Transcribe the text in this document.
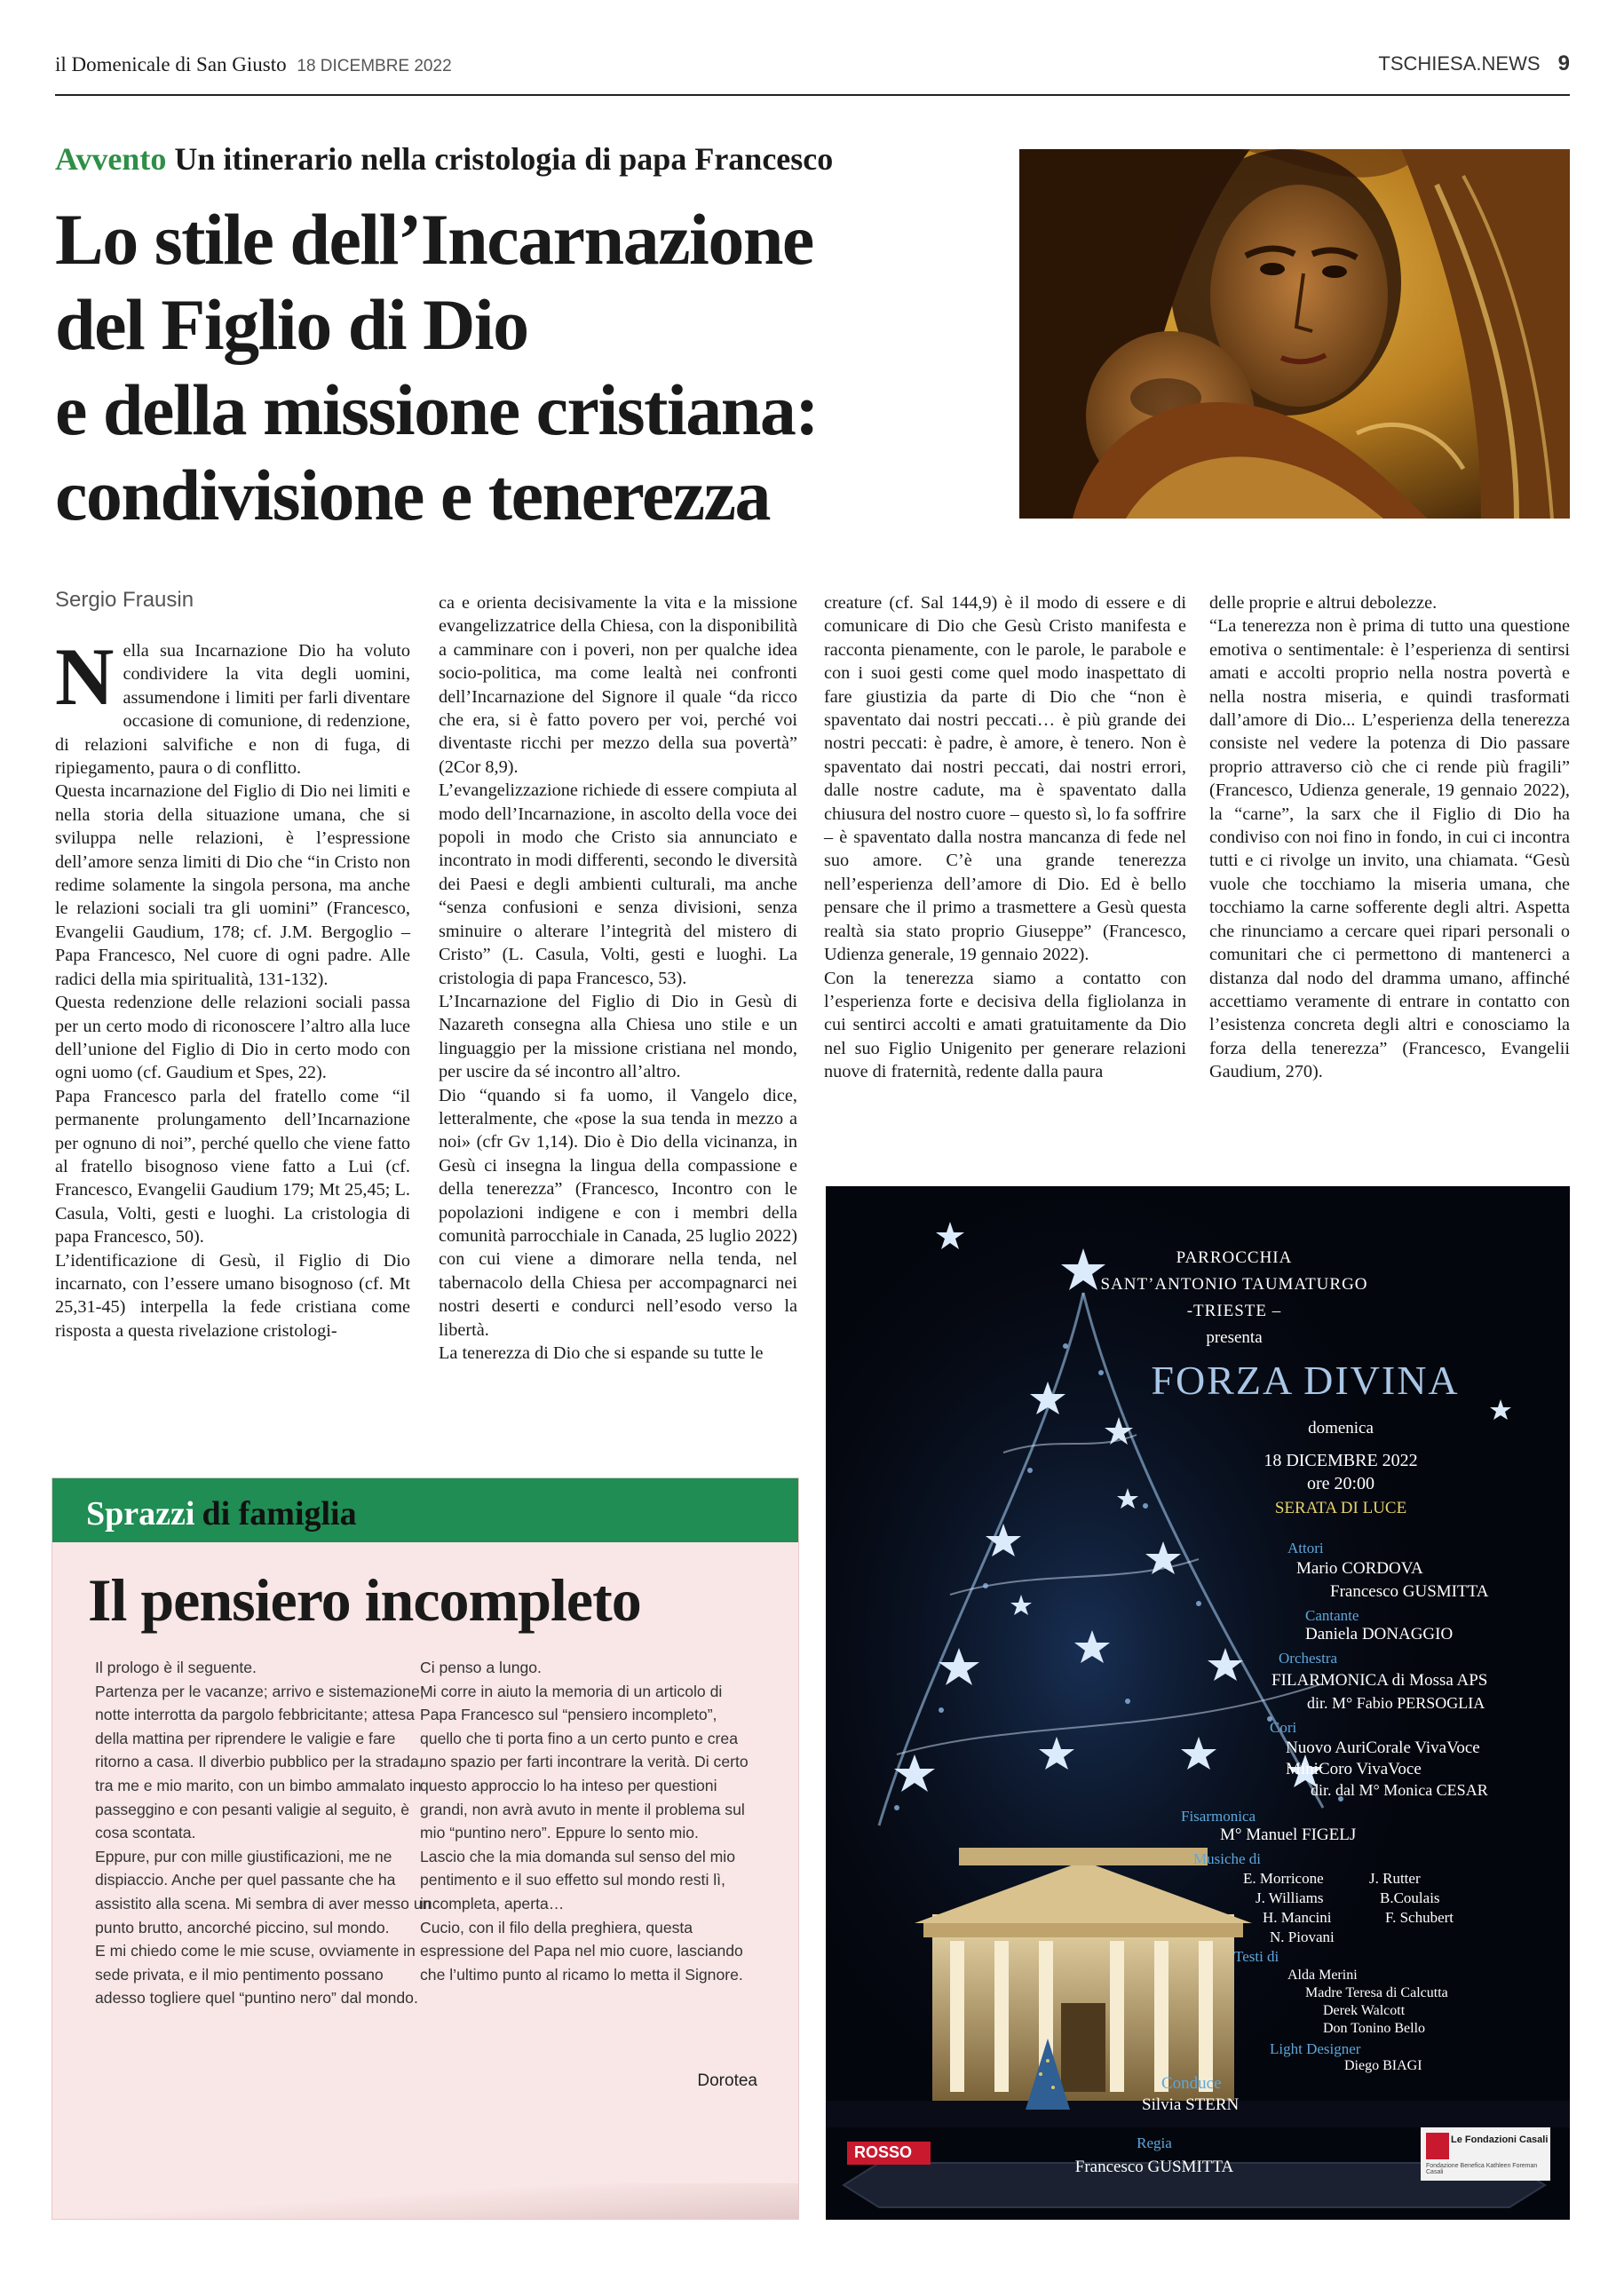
il Domenicale di San Giusto 18 DICEMBRE 2022	TSCHIESA.NEWS 9
Avvento Un itinerario nella cristologia di papa Francesco
Lo stile dell’Incarnazione
del Figlio di Dio
e della missione cristiana:
condivisione e tenerezza
Sergio Frausin

Nella sua Incarnazione Dio ha voluto condividere la vita degli uomini, assumendone i limiti per farli diventare occasione di comunione, di redenzione, di relazioni salvifiche e non di fuga, di ripiegamento, paura o di conflitto.

Questa incarnazione del Figlio di Dio nei limiti e nella storia della situazione umana, che si sviluppa nelle relazioni, è l’espressione dell’amore senza limiti di Dio che “in Cristo non redime solamente la singola persona, ma anche le relazioni sociali tra gli uomini” (Francesco, Evangelii Gaudium, 178; cf. J.M. Bergoglio – Papa Francesco, Nel cuore di ogni padre. Alle radici della mia spiritualità, 131-132).

Questa redenzione delle relazioni sociali passa per un certo modo di riconoscere l’altro alla luce dell’unione del Figlio di Dio in certo modo con ogni uomo (cf. Gaudium et Spes, 22).

Papa Francesco parla del fratello come “il permanente prolungamento dell’Incarnazione per ognuno di noi”, perché quello che viene fatto al fratello bisognoso viene fatto a Lui (cf. Francesco, Evangelii Gaudium 179; Mt 25,45; L. Casula, Volti, gesti e luoghi. La cristologia di papa Francesco, 50).

L’identificazione di Gesù, il Figlio di Dio incarnato, con l’essere umano bisognoso (cf. Mt 25,31-45) interpella la fede cristiana come risposta a questa rivelazione cristologi-

ca e orienta decisivamente la vita e la missione evangelizzatrice della Chiesa, con la disponibilità a camminare con i poveri, non per qualche idea socio-politica, ma come lealtà nei confronti dell’Incarnazione del Signore il quale “da ricco che era, si è fatto povero per voi, perché voi diventaste ricchi per mezzo della sua povertà” (2Cor 8,9).

L’evangelizzazione richiede di essere compiuta al modo dell’Incarnazione, in ascolto della voce dei popoli in modo che Cristo sia annunciato e incontrato in modi differenti, secondo le diversità dei Paesi e degli ambienti culturali, ma anche “senza confusioni e senza divisioni, senza sminuire o alterare l’integrità del mistero di Cristo” (L. Casula, Volti, gesti e luoghi. La cristologia di papa Francesco, 53).

L’Incarnazione del Figlio di Dio in Gesù di Nazareth consegna alla Chiesa uno stile e un linguaggio per la missione cristiana nel mondo, per uscire da sé incontro all’altro.

Dio “quando si fa uomo, il Vangelo dice, letteralmente, che «pose la sua tenda in mezzo a noi» (cfr Gv 1,14). Dio è Dio della vicinanza, in Gesù ci insegna la lingua della compassione e della tenerezza” (Francesco, Incontro con le popolazioni indigene e con i membri della comunità parrocchiale in Canada, 25 luglio 2022) con cui viene a dimorare nella tenda, nel tabernacolo della Chiesa per accompagnarci nei nostri deserti e condurci nell’esodo verso la libertà.

La tenerezza di Dio che si espande su tutte le

creature (cf. Sal 144,9) è il modo di essere e di comunicare di Dio che Gesù Cristo manifesta e racconta pienamente, con le parole, le parabole e con i suoi gesti come quel modo inaspettato di fare giustizia da parte di Dio che “non è spaventato dai nostri peccati… è più grande dei nostri peccati: è padre, è amore, è tenero. Non è spaventato dai nostri peccati, dai nostri errori, dalle nostre cadute, ma è spaventato dalla chiusura del nostro cuore – questo sì, lo fa soffrire – è spaventato dalla nostra mancanza di fede nel suo amore. C’è una grande tenerezza nell’esperienza dell’amore di Dio. Ed è bello pensare che il primo a trasmettere a Gesù questa realtà sia stato proprio Giuseppe” (Francesco, Udienza generale, 19 gennaio 2022).

Con la tenerezza siamo a contatto con l’esperienza forte e decisiva della figliolanza in cui sentirci accolti e amati gratuitamente da Dio nel suo Figlio Unigenito per generare relazioni nuove di fraternità, redente dalla paura

delle proprie e altrui debolezze.

“La tenerezza non è prima di tutto una questione emotiva o sentimentale: è l’esperienza di sentirsi amati e accolti proprio nella nostra povertà e nella nostra miseria, e quindi trasformati dall’amore di Dio... L’esperienza della tenerezza consiste nel vedere la potenza di Dio passare proprio attraverso ciò che ci rende più fragili” (Francesco, Udienza generale, 19 gennaio 2022), la “carne”, la sarx che il Figlio di Dio ha condiviso con noi fino in fondo, in cui ci incontra tutti e ci rivolge un invito, una chiamata. “Gesù vuole che tocchiamo la miseria umana, che tocchiamo la carne sofferente degli altri. Aspetta che rinunciamo a cercare quei ripari personali o comunitari che ci permettono di mantenerci a distanza dal nodo del dramma umano, affinché accettiamo veramente di entrare in contatto con l’esistenza concreta degli altri e conosciamo la forza della tenerezza” (Francesco, Evangelii Gaudium, 270).

Sprazzi di famiglia
Il pensiero incompleto

Il prologo è il seguente.

Partenza per le vacanze; arrivo e sistemazione; notte interrotta da pargolo febbricitante; attesa della mattina per riprendere le valigie e fare ritorno a casa. Il diverbio pubblico per la strada, tra me e mio marito, con un bimbo ammalato in passeggino e con pesanti valigie al seguito, è cosa scontata.

Eppure, pur con mille giustificazioni, me ne dispiaccio. Anche per quel passante che ha assistito alla scena. Mi sembra di aver messo un punto brutto, ancorché piccino, sul mondo.

E mi chiedo come le mie scuse, ovviamente in sede privata, e il mio pentimento possano adesso togliere quel “puntino nero” dal mondo.

Ci penso a lungo.

Mi corre in aiuto la memoria di un articolo di Papa Francesco sul “pensiero incompleto”, quello che ti porta fino a un certo punto e crea uno spazio per farti incontrare la verità. Di certo questo approccio lo ha inteso per questioni grandi, non avrà avuto in mente il problema sul mio “puntino nero”. Eppure lo sento mio.

Lascio che la mia domanda sul senso del mio pentimento e il suo effetto sul mondo resti lì, incompleta, aperta…

Cucio, con il filo della preghiera, questa espressione del Papa nel mio cuore, lasciando che l’ultimo punto al ricamo lo metta il Signore.

Dorotea
PARROCCHIA
SANT’ANTONIO TAUMATURGO
-TRIESTE –
presenta
FORZA DIVINA
domenica
18 DICEMBRE 2022
ore 20:00
SERATA DI LUCE
Attori
Mario CORDOVA
Francesco GUSMITTA
Cantante
Daniela DONAGGIO
Orchestra
FILARMONICA di Mossa APS
dir. M° Fabio PERSOGLIA
Cori
Nuovo AuriCorale VivaVoce
MiniCoro VivaVoce
dir. dal M° Monica CESAR
Fisarmonica
M° Manuel FIGELJ
Musiche di
E. Morricone
J. Williams
H. Mancini
N. Piovani
J. Rutter
B.Coulais
F. Schubert
Testi di
Alda Merini
Madre Teresa di Calcutta
Derek Walcott
Don Tonino Bello
Light Designer
Diego BIAGI
Conduce
Silvia STERN
Regia
Francesco GUSMITTA
ROSSO
Le Fondazioni Casali
Fondazione Benefica Kathleen Foreman Casali
